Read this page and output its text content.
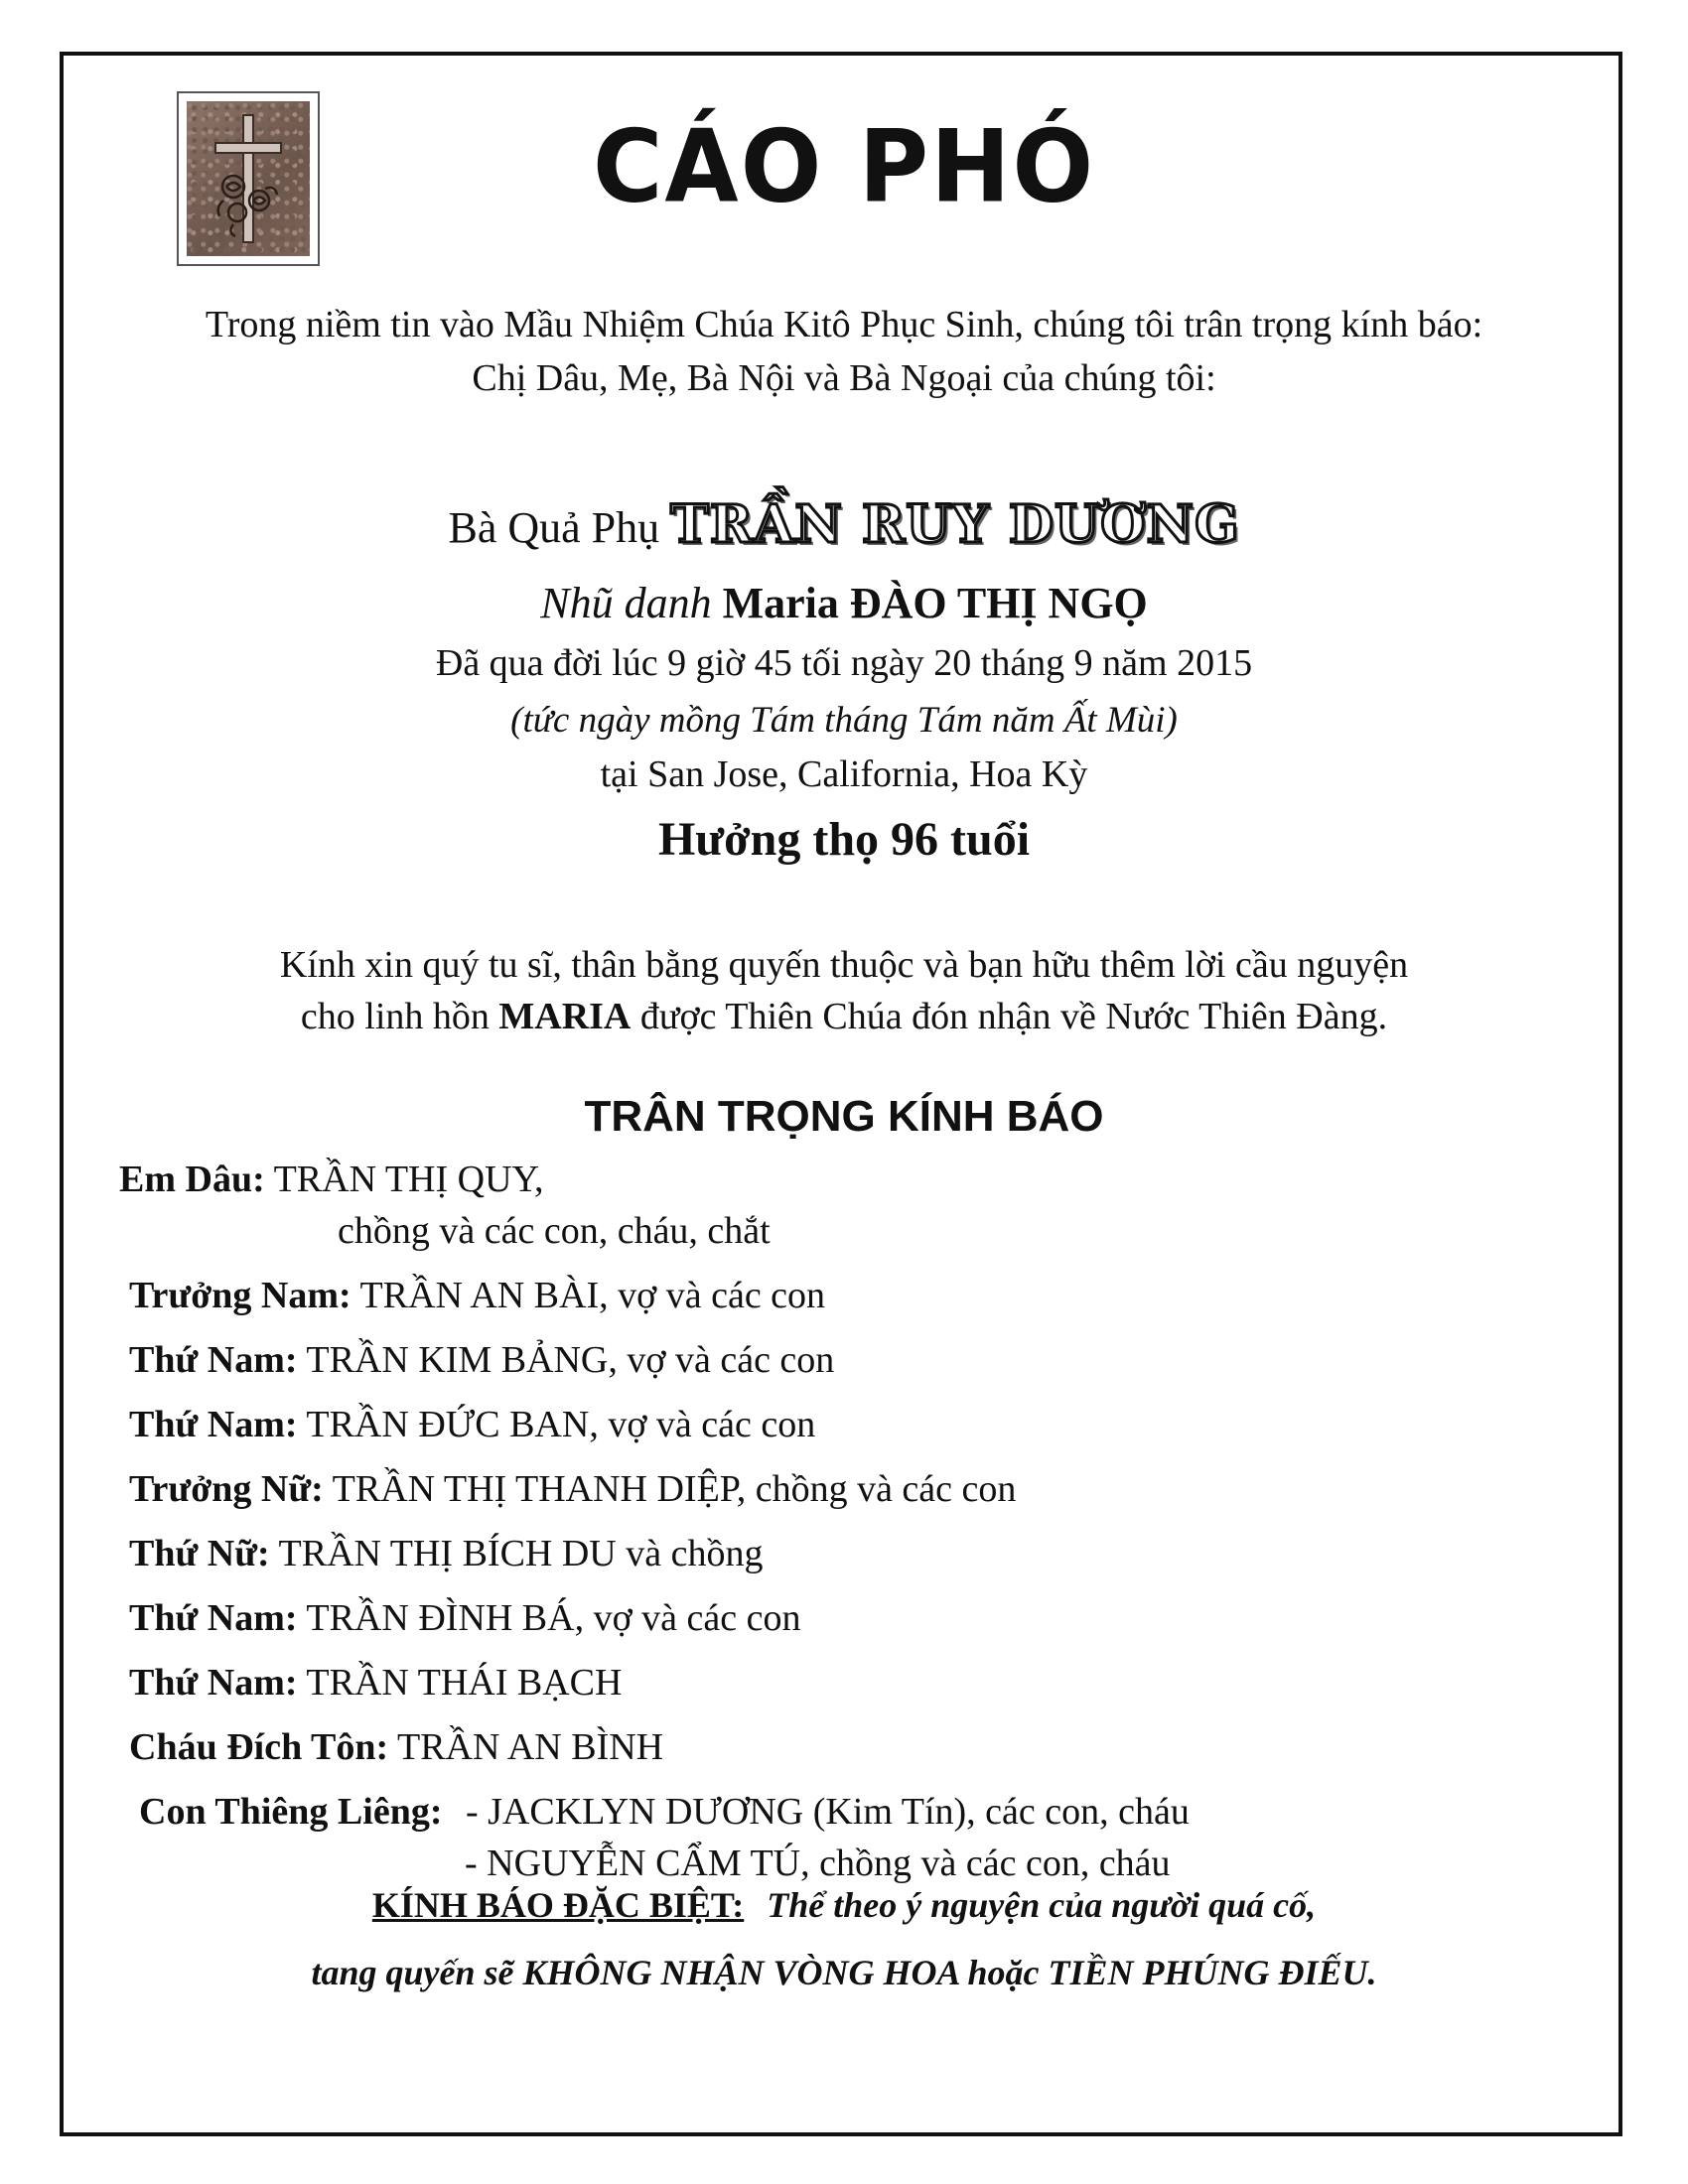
CÁO PHÓ
Trong niềm tin vào Mầu Nhiệm Chúa Kitô Phục Sinh, chúng tôi trân trọng kính báo:
Chị Dâu, Mẹ, Bà Nội và Bà Ngoại của chúng tôi:
Bà Quả Phụ TRẦN RUY DƯƠNG
Nhũ danh Maria ĐÀO THỊ NGỌ
Đã qua đời lúc 9 giờ 45 tối ngày 20 tháng 9 năm 2015
(tức ngày mồng Tám tháng Tám năm Ất Mùi)
tại San Jose, California, Hoa Kỳ
Hưởng thọ 96 tuổi
Kính xin quý tu sĩ, thân bằng quyến thuộc và bạn hữu thêm lời cầu nguyện
cho linh hồn MARIA được Thiên Chúa đón nhận về Nước Thiên Đàng.
TRÂN TRỌNG KÍNH BÁO
Em Dâu: TRẦN THỊ QUY,
chồng và các con, cháu, chắt
Trưởng Nam: TRẦN AN BÀI, vợ và các con
Thứ Nam: TRẦN KIM BẢNG, vợ và các con
Thứ Nam: TRẦN ĐỨC BAN, vợ và các con
Trưởng Nữ: TRẦN THỊ THANH DIỆP, chồng và các con
Thứ Nữ: TRẦN THỊ BÍCH DU và chồng
Thứ Nam: TRẦN ĐÌNH BÁ, vợ và các con
Thứ Nam: TRẦN THÁI BẠCH
Cháu Đích Tôn: TRẦN AN BÌNH
Con Thiêng Liêng: - JACKLYN DƯƠNG (Kim Tín), các con, cháu
- NGUYỄN CẨM TÚ, chồng và các con, cháu
KÍNH BÁO ĐẶC BIỆT: Thể theo ý nguyện của người quá cố,
tang quyến sẽ KHÔNG NHẬN VÒNG HOA hoặc TIỀN PHÚNG ĐIẾU.
